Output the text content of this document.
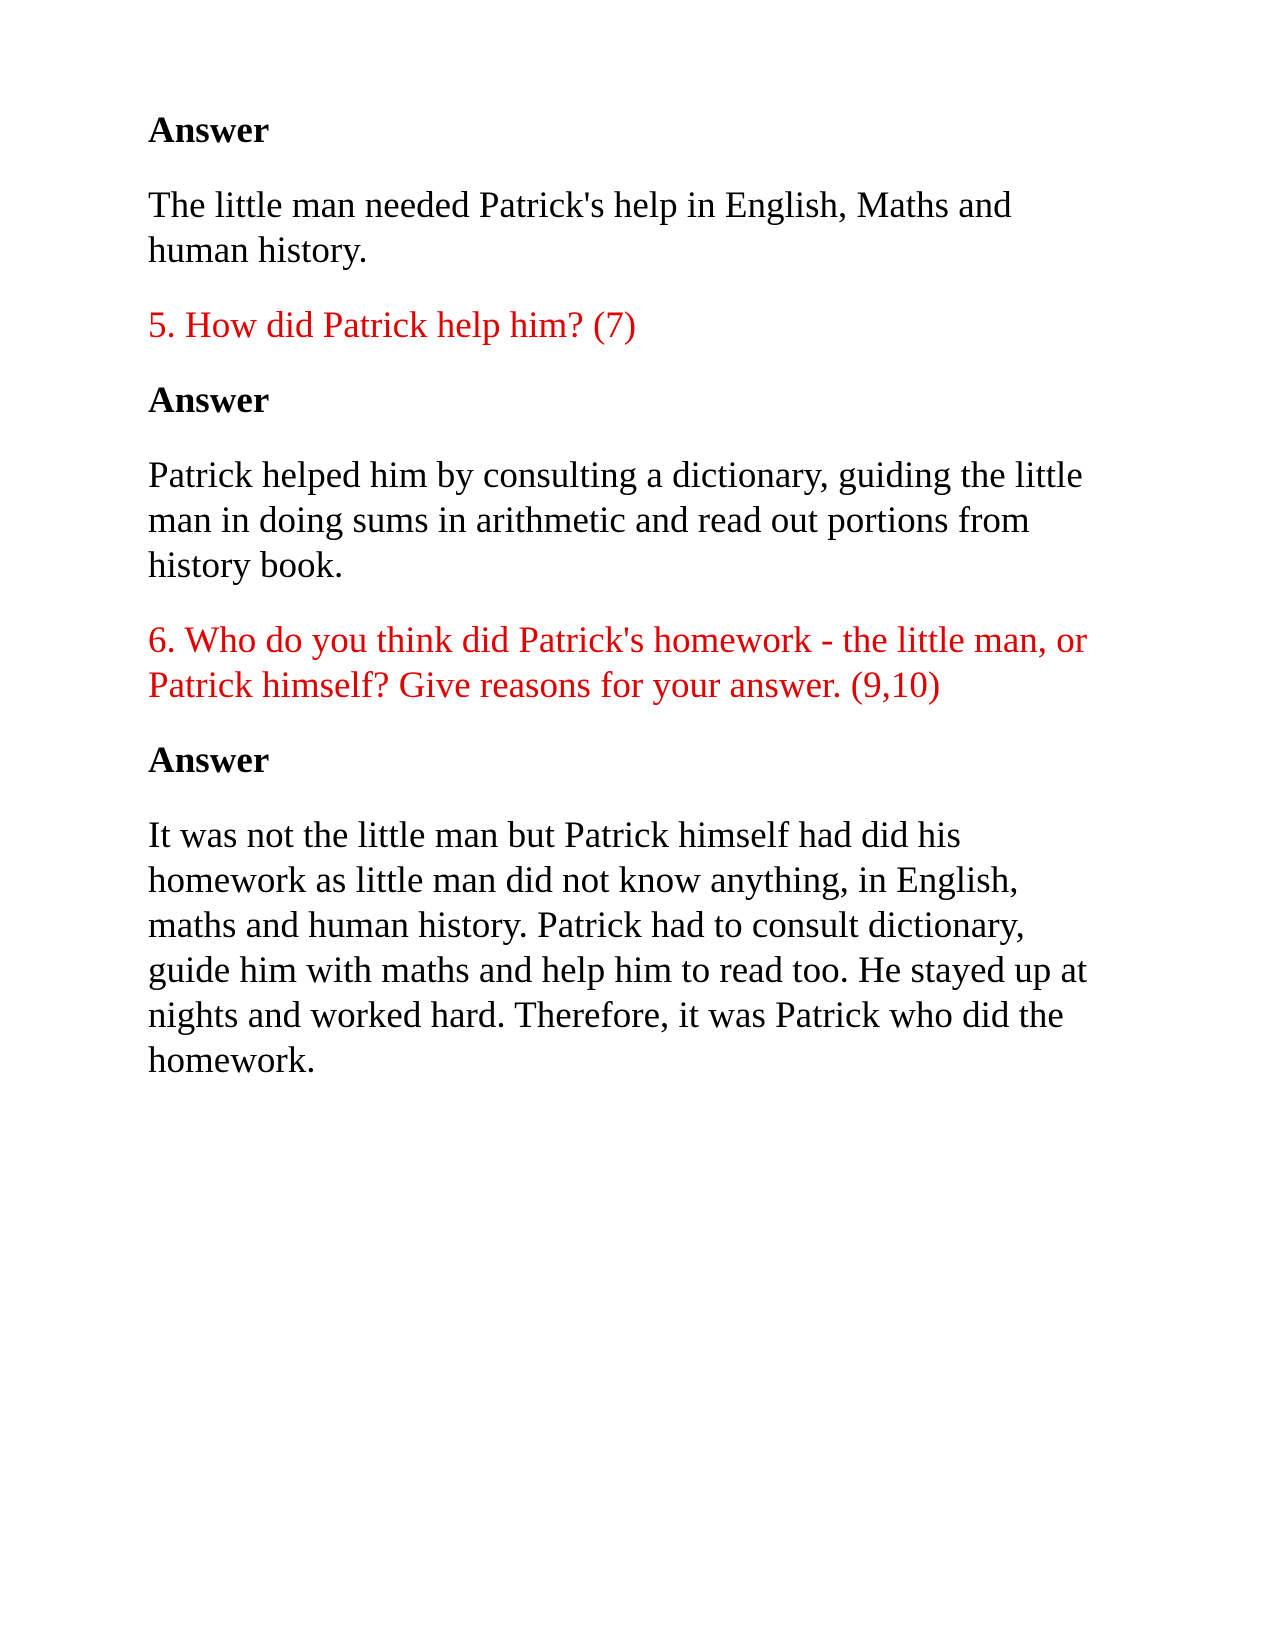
Answer

The little man needed Patrick's help in English, Maths and human history.

5. How did Patrick help him? (7)

Answer

Patrick helped him by consulting a dictionary, guiding the little man in doing sums in arithmetic and read out portions from history book.

6. Who do you think did Patrick's homework - the little man, or Patrick himself? Give reasons for your answer. (9,10)

Answer

It was not the little man but Patrick himself had did his homework as little man did not know anything, in English, maths and human history. Patrick had to consult dictionary, guide him with maths and help him to read too. He stayed up at nights and worked hard. Therefore, it was Patrick who did the homework.
